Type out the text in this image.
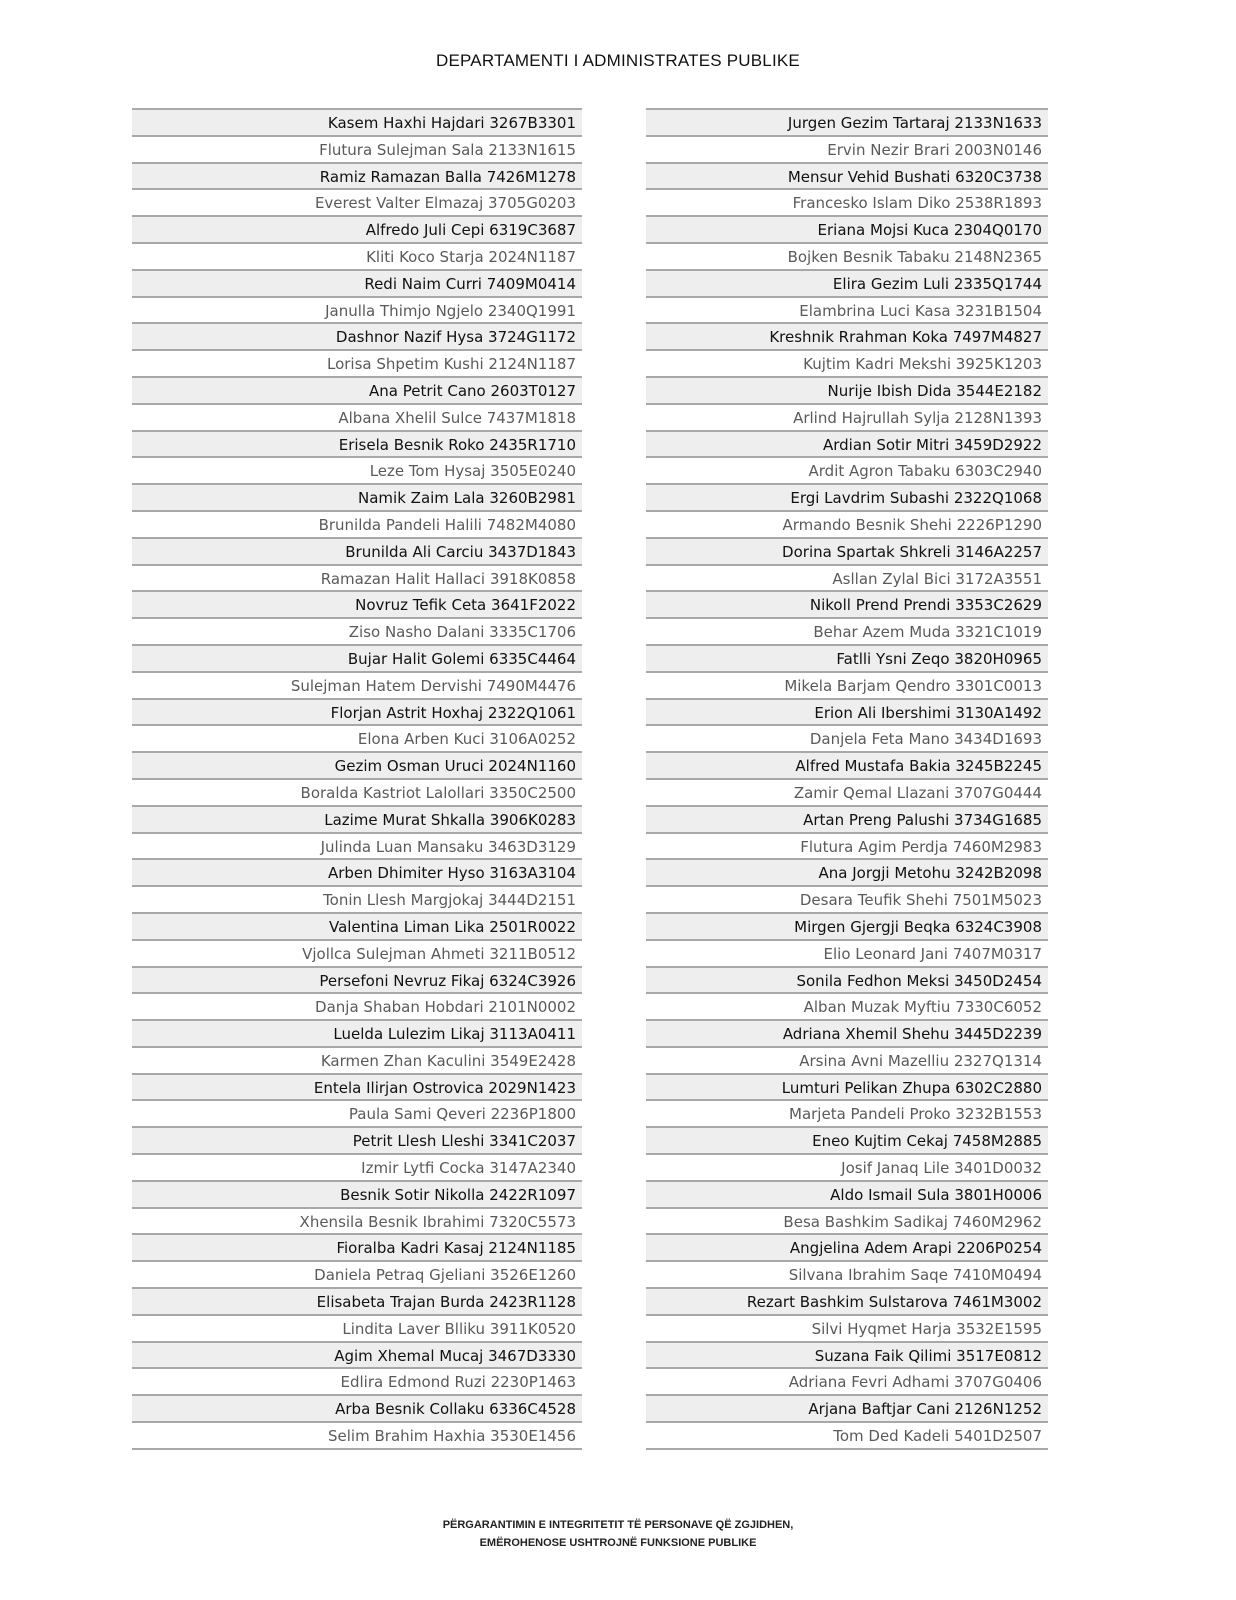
DEPARTAMENTI I ADMINISTRATES PUBLIKE
Kasem Haxhi Hajdari 3267B3301
Flutura Sulejman Sala 2133N1615
Ramiz Ramazan Balla 7426M1278
Everest Valter Elmazaj 3705G0203
Alfredo Juli Cepi 6319C3687
Kliti Koco Starja 2024N1187
Redi Naim Curri 7409M0414
Janulla Thimjo Ngjelo 2340Q1991
Dashnor Nazif Hysa 3724G1172
Lorisa Shpetim Kushi 2124N1187
Ana Petrit Cano 2603T0127
Albana Xhelil Sulce 7437M1818
Erisela Besnik Roko 2435R1710
Leze Tom Hysaj 3505E0240
Namik Zaim Lala 3260B2981
Brunilda Pandeli Halili 7482M4080
Brunilda Ali Carciu 3437D1843
Ramazan Halit Hallaci 3918K0858
Novruz Tefik Ceta 3641F2022
Ziso Nasho Dalani 3335C1706
Bujar Halit Golemi 6335C4464
Sulejman Hatem Dervishi 7490M4476
Florjan Astrit Hoxhaj 2322Q1061
Elona Arben Kuci 3106A0252
Gezim Osman Uruci 2024N1160
Boralda Kastriot Lalollari 3350C2500
Lazime Murat Shkalla 3906K0283
Julinda Luan Mansaku 3463D3129
Arben Dhimiter Hyso 3163A3104
Tonin Llesh Margjokaj 3444D2151
Valentina Liman Lika 2501R0022
Vjollca Sulejman Ahmeti 3211B0512
Persefoni Nevruz Fikaj 6324C3926
Danja Shaban Hobdari 2101N0002
Luelda Lulezim Likaj 3113A0411
Karmen Zhan Kaculini 3549E2428
Entela Ilirjan Ostrovica 2029N1423
Paula Sami Qeveri 2236P1800
Petrit Llesh Lleshi 3341C2037
Izmir Lytfi Cocka 3147A2340
Besnik Sotir Nikolla 2422R1097
Xhensila Besnik Ibrahimi 7320C5573
Fioralba Kadri Kasaj 2124N1185
Daniela Petraq Gjeliani 3526E1260
Elisabeta Trajan Burda 2423R1128
Lindita Laver Blliku 3911K0520
Agim Xhemal Mucaj 3467D3330
Edlira Edmond Ruzi 2230P1463
Arba Besnik Collaku 6336C4528
Selim Brahim Haxhia 3530E1456
Jurgen Gezim Tartaraj 2133N1633
Ervin Nezir Brari 2003N0146
Mensur Vehid Bushati 6320C3738
Francesko Islam Diko 2538R1893
Eriana Mojsi Kuca 2304Q0170
Bojken Besnik Tabaku 2148N2365
Elira Gezim Luli 2335Q1744
Elambrina Luci Kasa 3231B1504
Kreshnik Rrahman Koka 7497M4827
Kujtim Kadri Mekshi 3925K1203
Nurije Ibish Dida 3544E2182
Arlind Hajrullah Sylja 2128N1393
Ardian Sotir Mitri 3459D2922
Ardit Agron Tabaku 6303C2940
Ergi Lavdrim Subashi 2322Q1068
Armando Besnik Shehi 2226P1290
Dorina Spartak Shkreli 3146A2257
Asllan Zylal Bici 3172A3551
Nikoll Prend Prendi 3353C2629
Behar Azem Muda 3321C1019
Fatlli Ysni Zeqo 3820H0965
Mikela Barjam Qendro 3301C0013
Erion Ali Ibershimi 3130A1492
Danjela Feta Mano 3434D1693
Alfred Mustafa Bakia 3245B2245
Zamir Qemal Llazani 3707G0444
Artan Preng Palushi 3734G1685
Flutura Agim Perdja 7460M2983
Ana Jorgji Metohu 3242B2098
Desara Teufik Shehi 7501M5023
Mirgen Gjergji Beqka 6324C3908
Elio Leonard Jani 7407M0317
Sonila Fedhon Meksi 3450D2454
Alban Muzak Myftiu 7330C6052
Adriana Xhemil Shehu 3445D2239
Arsina Avni Mazelliu 2327Q1314
Lumturi Pelikan Zhupa 6302C2880
Marjeta Pandeli Proko 3232B1553
Eneo Kujtim Cekaj 7458M2885
Josif Janaq Lile 3401D0032
Aldo Ismail Sula 3801H0006
Besa Bashkim Sadikaj 7460M2962
Angjelina Adem Arapi 2206P0254
Silvana Ibrahim Saqe 7410M0494
Rezart Bashkim Sulstarova 7461M3002
Silvi Hyqmet Harja 3532E1595
Suzana Faik Qilimi 3517E0812
Adriana Fevri Adhami 3707G0406
Arjana Baftjar Cani 2126N1252
Tom Ded Kadeli 5401D2507
PËRGARANTIMIN E INTEGRITETIT TË PERSONAVE QË ZGJIDHEN,
EMËROHENOSE USHTROJNË FUNKSIONE PUBLIKE
